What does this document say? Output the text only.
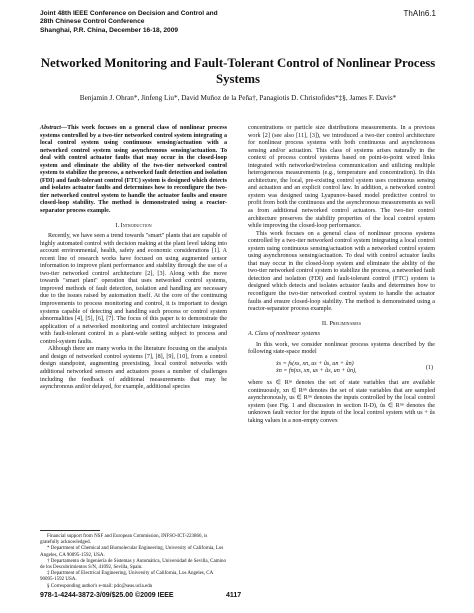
Joint 48th IEEE Conference on Decision and Control and
28th Chinese Control Conference
Shanghai, P.R. China, December 16-18, 2009
ThAIn6.1
Networked Monitoring and Fault-Tolerant Control of Nonlinear Process Systems
Benjamin J. Ohran*, Jinfeng Liu*, David Muñoz de la Peña†, Panagiotis D. Christofides*‡§, James F. Davis*

Abstract—This work focuses on a general class of nonlinear process systems controlled by a two-tier networked control system integrating a local control system using continuous sensing/actuation with a networked control system using asynchronous sensing/actuation. To deal with control actuator faults that may occur in the closed-loop system and eliminate the ability of the two-tier networked control system to stabilize the process, a networked fault detection and isolation (FDI) and fault-tolerant control (FTC) system is designed which detects and isolates actuator faults and determines how to reconfigure the two-tier networked control system to handle the actuator faults and ensure closed-loop stability. The method is demonstrated using a reactor-separator process example.

I. Introduction

Recently, we have seen a trend towards "smart" plants that are capable of highly automated control with decision making at the plant level taking into account environmental, health, safety and economic considerations [1]. A recent line of research works have focused on using augmented sensor information to improve plant performance and stability through the use of a two-tier networked control architecture [2], [3]. Along with the move towards "smart plant" operation that uses networked control systems, improved methods of fault detection, isolation and handling are necessary due to the issues raised by automation itself. At the core of the continuing improvements to process monitoring and control, it is important to design systems capable of detecting and handling such process or control system abnormalities [4], [5], [6], [7]. The focus of this paper is to demonstrate the application of a networked monitoring and control architecture integrated with fault-tolerant control in a plant-wide setting subject to process and control-system faults.

Although there are many works in the literature focusing on the analysis and design of networked control systems [7], [8], [9], [10], from a control design standpoint, augmenting preexisting, local control networks with additional networked sensors and actuators poses a number of challenges including the feedback of additional measurements that may be asynchronous and/or delayed, for example, additional species

Financial support from NSF and European Commission, INFSO-ICT-223866, is gratefully acknowledged.
* Department of Chemical and Biomolecular Engineering, University of California, Los Angeles, CA 90095-1592, USA.
† Departamento de Ingeniería de Sistemas y Automática, Universidad de Sevilla, Camino de los Descubrimientos S/N, 41092, Sevilla, Spain.
‡ Department of Electrical Engineering, University of California, Los Angeles, CA 90095-1592 USA.
§ Corresponding author's e-mail: pdc@seas.ucla.edu

concentrations or particle size distributions measurements. In a previous work [2] (see also [11], [3]), we introduced a two-tier control architecture for nonlinear process systems with both continuous and asynchronous sensing and/or actuation. This class of systems arises naturally in the context of process control systems based on point-to-point wired links integrated with networked/wireless communication and utilizing multiple heterogeneous measurements (e.g., temperature and concentration). In this architecture, the local, pre-existing control system uses continuous sensing and actuation and an explicit control law. In addition, a networked control system was designed using Lyapunov-based model predictive control to profit from both the continuous and the asynchronous measurements as well as from additional networked control actuators. The two-tier control architecture preserves the stability properties of the local control system while improving the closed-loop performance.

This work focuses on a general class of nonlinear process systems controlled by a two-tier networked control system integrating a local control system using continuous sensing/actuation with a networked control system using asynchronous sensing/actuation. To deal with control actuator faults that may occur in the closed-loop system and eliminate the ability of the two-tier networked control system to stabilize the process, a networked fault detection and isolation (FDI) and fault-tolerant control (FTC) system is designed which detects and isolates actuator faults and determines how to reconfigure the two-tier networked control system to handle the actuator faults and ensure closed-loop stability. The method is demonstrated using a reactor-separator process example.

II. Preliminaries
A. Class of nonlinear systems

In this work, we consider nonlinear process systems described by the following state-space model

ẋs = fs(xs, xn, us + ũs, un + ũn)
ẋn = fn(xs, xn, us + ũs, un + ũn),
(1)

where xs ∈ Rⁿˢ denotes the set of state variables that are available continuously, xn ∈ Rⁿⁿ denotes the set of state variables that are sampled asynchronously, us ∈ Rᵐˢ denotes the inputs controlled by the local control system (see Fig. 1 and discussion in section II-D), ũs ∈ Rᵐˢ denotes the unknown fault vector for the inputs of the local control system with us + ũs taking values in a non-empty convex

978-1-4244-3872-3/09/$25.00 ©2009 IEEE	4117
